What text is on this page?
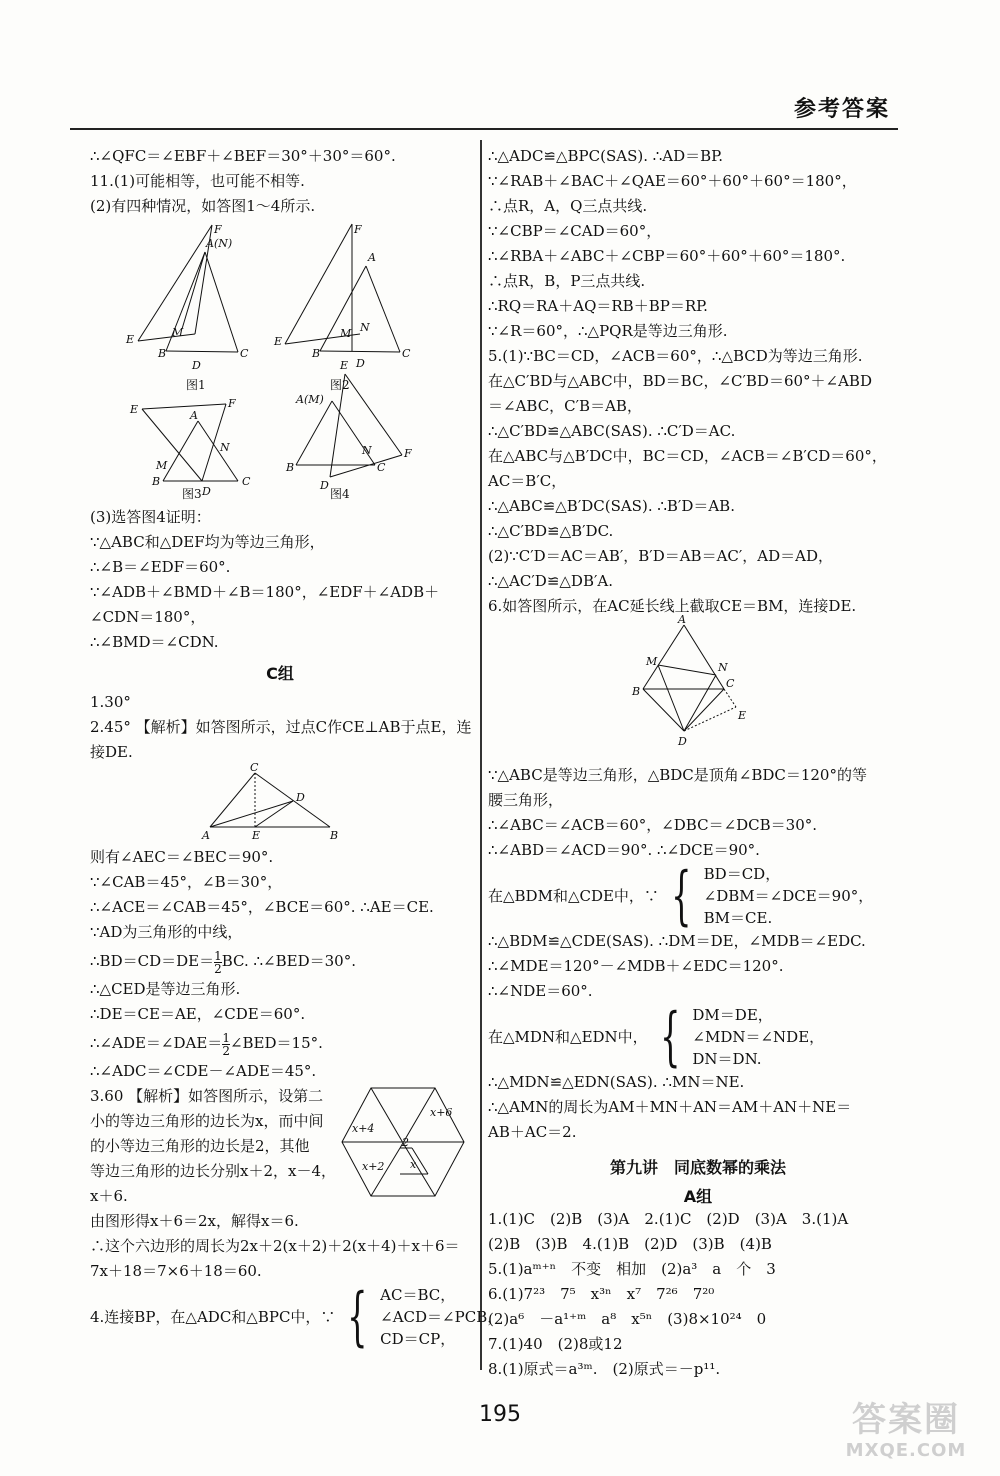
参考答案
∴∠QFC＝∠EBF＋∠BEF＝30°＋30°＝60°.
11.(1)可能相等，也可能不相等.
(2)有四种情况，如答图1～4所示.
E
F
A(N)
M
B	C
D
图1
E
F
A
N
M
B	C
D
图2
E	F
A
N
M
B	C
D
A(M)
E
F
N
B	C
D
图3	图4
(3)选答图4证明：
∵△ABC和△DEF均为等边三角形，
∴∠B＝∠EDF＝60°.
∵∠ADB＋∠BMD＋∠B＝180°，∠EDF＋∠ADB＋
∠CDN＝180°，
∴∠BMD＝∠CDN.
C组
1.30°
2.45° 【解析】如答图所示，过点C作CE⊥AB于点E，连
接DE.
C
D
A	E	B
则有∠AEC＝∠BEC＝90°.
∵∠CAB＝45°，∠B＝30°，
∴∠ACE＝∠CAB＝45°，∠BCE＝60°. ∴AE＝CE.
∵AD为三角形的中线，
∴BD＝CD＝DE＝ $\frac{1}{2}$ BC. ∴∠BED＝30°.
∴△CED是等边三角形.
∴DE＝CE＝AE，∠CDE＝60°.
∴∠ADE＝∠DAE＝ $\frac{1}{2}$ ∠BED＝15°.
∴∠ADC＝∠CDE－∠ADE＝45°.
3.60 【解析】如答图所示，设第二
小的等边三角形的边长为x，而中间
的小等边三角形的边长是2，其他
等边三角形的边长分别x＋2，x－4，
x＋6.
x+4
x+6
2
x+2 x
由图形得x＋6＝2x，解得x＝6.
∴这个六边形的周长为2x＋2(x＋2)＋2(x＋4)＋x＋6＝
7x＋18＝7×6＋18＝60.
4.连接BP，在△ADC和△BPC中，∵ { AC＝BC，
∠ACD＝∠PCB，
CD＝CP，
∴△ADC≌△BPC(SAS). ∴AD＝BP.
∵∠RAB＋∠BAC＋∠QAE＝60°＋60°＋60°＝180°，
∴点R，A，Q三点共线.
∵∠CBP＝∠CAD＝60°，
∴∠RBA＋∠ABC＋∠CBP＝60°＋60°＋60°＝180°.
∴点R，B，P三点共线.
∴RQ＝RA＋AQ＝RB＋BP＝RP.
∵∠R＝60°，∴△PQR是等边三角形.
5.(1)∵BC＝CD，∠ACB＝60°，∴△BCD为等边三角形.
在△C′BD与△ABC中，BD＝BC，∠C′BD＝60°＋∠ABD
＝∠ABC，C′B＝AB，
∴△C′BD≌△ABC(SAS). ∴C′D＝AC.
在△ABC与△B′DC中，BC＝CD，∠ACB＝∠B′CD＝60°，
AC＝B′C，
∴△ABC≌△B′DC(SAS). ∴B′D＝AB.
∴△C′BD≌△B′DC.
(2)∵C′D＝AC＝AB′，B′D＝AB＝AC′，AD＝AD，
∴△AC′D≌△DB′A.
6.如答图所示，在AC延长线上截取CE＝BM，连接DE.
A
M	N
C
B
D
E
∵△ABC是等边三角形，△BDC是顶角∠BDC＝120°的等
腰三角形，
∴∠ABC＝∠ACB＝60°，∠DBC＝∠DCB＝30°.
∴∠ABD＝∠ACD＝90°. ∴∠DCE＝90°.
在△BDM和△CDE中，∵ { BD＝CD，
∠DBM＝∠DCE＝90°，
BM＝CE.
∴△BDM≌△CDE(SAS). ∴DM＝DE，∠MDB＝∠EDC.
∴∠MDE＝120°－∠MDB＋∠EDC＝120°.
∴∠NDE＝60°.
在△MDN和△EDN中， { DM＝DE，
∠MDN＝∠NDE，
DN＝DN.
∴△MDN≌△EDN(SAS). ∴MN＝NE.
∴△AMN的周长为AM＋MN＋AN＝AM＋AN＋NE＝
AB＋AC＝2.
第九讲　同底数幂的乘法
A组
1.(1)C　(2)B　(3)A　2.(1)C　(2)D　(3)A　3.(1)A
(2)B　(3)B　4.(1)B　(2)D　(3)B　(4)B
5.(1)aᵐ⁺ⁿ　不变　相加　(2)a³　a　个　3
6.(1)7²³　7⁵　x³ⁿ　x⁷　7²⁶　7²⁰
(2)a⁶　－a¹⁺ᵐ　a⁸　x⁵ⁿ　(3)8×10²⁴　0
7.(1)40　(2)8或12
8.(1)原式＝a³ᵐ.　(2)原式＝－p¹¹.
195	答案圈
MXQE.COM
